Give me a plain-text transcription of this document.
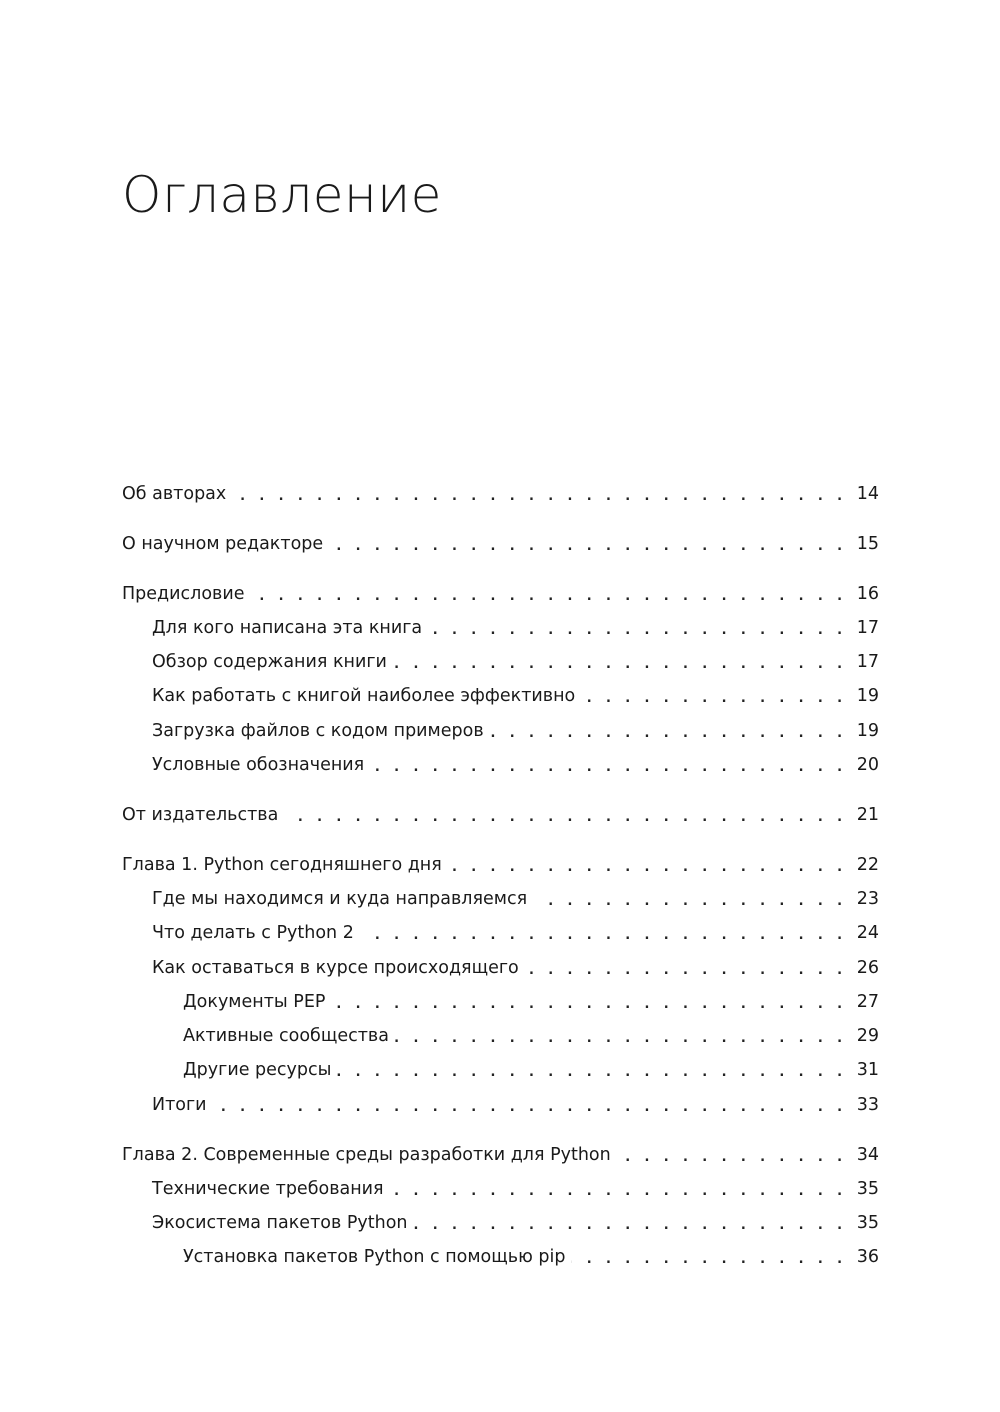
Оглавление
Об авторах . . .	14
О научном редакторе . . .	15
Предисловие . . .	16
Для кого написана эта книга . . .	17
Обзор содержания книги . . .	17
Как работать с книгой наиболее эффективно . . .	19
Загрузка файлов с кодом примеров . . .	19
Условные обозначения . . .	20
От издательства . . .	21
Глава 1. Python сегодняшнего дня . . .	22
Где мы находимся и куда направляемся . . .	23
Что делать с Python 2 . . .	24
Как оставаться в курсе происходящего . . .	26
Документы PEP . . .	27
Активные сообщества . . .	29
Другие ресурсы . . .	31
Итоги . . .	33
Глава 2. Современные среды разработки для Python . . .	34
Технические требования . . .	35
Экосистема пакетов Python . . .	35
Установка пакетов Python с помощью pip . . .	36
